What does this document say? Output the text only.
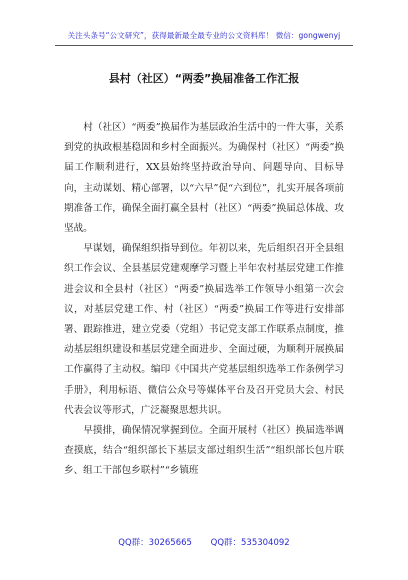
关注头条号“公文研究”，获得最新最全最专业的公文资料库！ 微信：gongwenyj
县村（社区）“两委”换届准备工作汇报

村（社区）“两委”换届作为基层政治生活中的一件大事，关系到党的执政根基稳固和乡村全面振兴。为确保村（社区）“两委”换届工作顺利进行，XX县始终坚持政治导向、问题导向、目标导向，主动谋划、精心部署，以“六早”促“六到位”，扎实开展各项前期准备工作，确保全面打赢全县村（社区）“两委”换届总体战、攻坚战。

早谋划，确保组织指导到位。年初以来，先后组织召开全县组织工作会议、全县基层党建观摩学习暨上半年农村基层党建工作推进会议和全县村（社区）“两委”换届选举工作领导小组第一次会议，对基层党建工作、村（社区）“两委”换届工作等进行安排部署、跟踪推进，建立党委（党组）书记党支部工作联系点制度，推动基层组织建设和基层党建全面进步、全面过硬，为顺利开展换届工作赢得了主动权。编印《中国共产党基层组织选举工作条例学习手册》，利用标语、微信公众号等媒体平台及召开党员大会、村民代表会议等形式，广泛凝聚思想共识。

早摸排，确保情况掌握到位。全面开展村（社区）换届选举调查摸底，结合“组织部长下基层支部过组织生活”“组织部长包片联乡、组工干部包乡联村”“乡镇班

QQ群：30265665 QQ群：535304092
